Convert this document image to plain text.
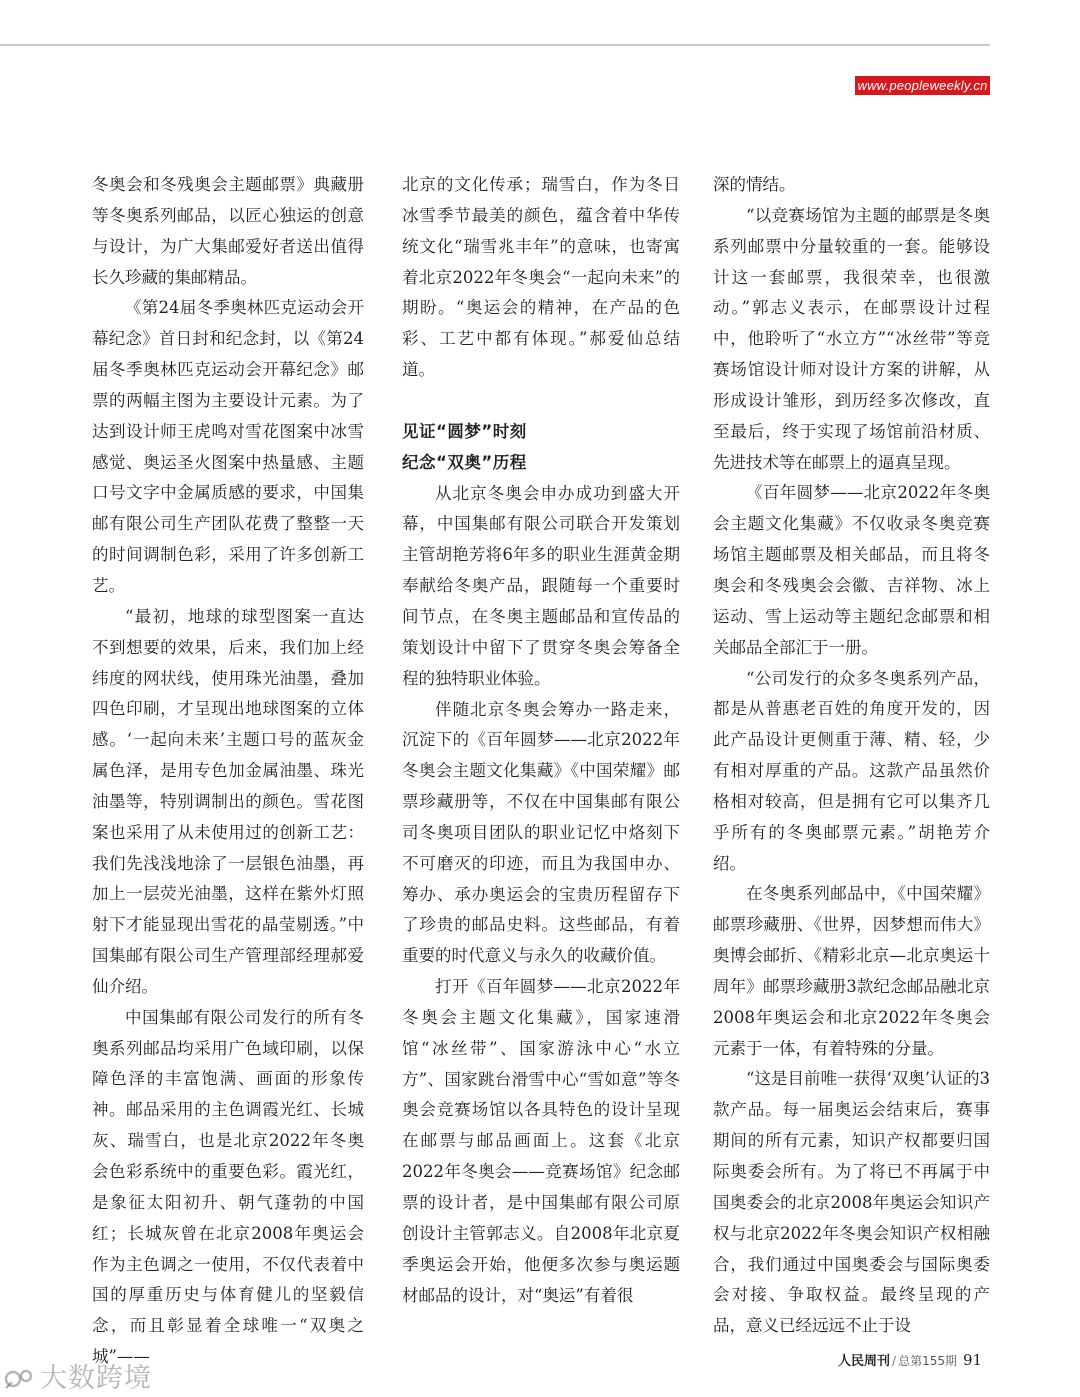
www.peopleweekly.cn

冬奥会和冬残奥会主题邮票》典藏册等冬奥系列邮品，以匠心独运的创意与设计，为广大集邮爱好者送出值得长久珍藏的集邮精品。

《第24届冬季奥林匹克运动会开幕纪念》首日封和纪念封，以《第24届冬季奥林匹克运动会开幕纪念》邮票的两幅主图为主要设计元素。为了达到设计师王虎鸣对雪花图案中冰雪感觉、奥运圣火图案中热量感、主题口号文字中金属质感的要求，中国集邮有限公司生产团队花费了整整一天的时间调制色彩，采用了许多创新工艺。

“最初，地球的球型图案一直达不到想要的效果，后来，我们加上经纬度的网状线，使用珠光油墨，叠加四色印刷，才呈现出地球图案的立体感。‘一起向未来’主题口号的蓝灰金属色泽，是用专色加金属油墨、珠光油墨等，特别调制出的颜色。雪花图案也采用了从未使用过的创新工艺：我们先浅浅地涂了一层银色油墨，再加上一层荧光油墨，这样在紫外灯照射下才能显现出雪花的晶莹剔透。”中国集邮有限公司生产管理部经理郝爱仙介绍。

中国集邮有限公司发行的所有冬奥系列邮品均采用广色域印刷，以保障色泽的丰富饱满、画面的形象传神。邮品采用的主色调霞光红、长城灰、瑞雪白，也是北京2022年冬奥会色彩系统中的重要色彩。霞光红，是象征太阳初升、朝气蓬勃的中国红；长城灰曾在北京2008年奥运会作为主色调之一使用，不仅代表着中国的厚重历史与体育健儿的坚毅信念，而且彰显着全球唯一“双奥之城”——

北京的文化传承；瑞雪白，作为冬日冰雪季节最美的颜色，蕴含着中华传统文化“瑞雪兆丰年”的意味，也寄寓着北京2022年冬奥会“一起向未来”的期盼。“奥运会的精神，在产品的色彩、工艺中都有体现。”郝爱仙总结道。

见证“圆梦”时刻
纪念“双奥”历程

从北京冬奥会申办成功到盛大开幕，中国集邮有限公司联合开发策划主管胡艳芳将6年多的职业生涯黄金期奉献给冬奥产品，跟随每一个重要时间节点，在冬奥主题邮品和宣传品的策划设计中留下了贯穿冬奥会筹备全程的独特职业体验。

伴随北京冬奥会筹办一路走来，沉淀下的《百年圆梦——北京2022年冬奥会主题文化集藏》《中国荣耀》邮票珍藏册等，不仅在中国集邮有限公司冬奥项目团队的职业记忆中烙刻下不可磨灭的印迹，而且为我国申办、筹办、承办奥运会的宝贵历程留存下了珍贵的邮品史料。这些邮品，有着重要的时代意义与永久的收藏价值。

打开《百年圆梦——北京2022年冬奥会主题文化集藏》，国家速滑馆“冰丝带”、国家游泳中心“水立方”、国家跳台滑雪中心“雪如意”等冬奥会竞赛场馆以各具特色的设计呈现在邮票与邮品画面上。这套《北京2022年冬奥会——竞赛场馆》纪念邮票的设计者，是中国集邮有限公司原创设计主管郭志义。自2008年北京夏季奥运会开始，他便多次参与奥运题材邮品的设计，对“奥运”有着很

深的情结。

“以竞赛场馆为主题的邮票是冬奥系列邮票中分量较重的一套。能够设计这一套邮票，我很荣幸，也很激动。”郭志义表示，在邮票设计过程中，他聆听了“水立方”“冰丝带”等竞赛场馆设计师对设计方案的讲解，从形成设计雏形，到历经多次修改，直至最后，终于实现了场馆前沿材质、先进技术等在邮票上的逼真呈现。

《百年圆梦——北京2022年冬奥会主题文化集藏》不仅收录冬奥竞赛场馆主题邮票及相关邮品，而且将冬奥会和冬残奥会会徽、吉祥物、冰上运动、雪上运动等主题纪念邮票和相关邮品全部汇于一册。

“公司发行的众多冬奥系列产品，都是从普惠老百姓的角度开发的，因此产品设计更侧重于薄、精、轻，少有相对厚重的产品。这款产品虽然价格相对较高，但是拥有它可以集齐几乎所有的冬奥邮票元素。”胡艳芳介绍。

在冬奥系列邮品中，《中国荣耀》邮票珍藏册、《世界，因梦想而伟大》奥博会邮折、《精彩北京—北京奥运十周年》邮票珍藏册3款纪念邮品融北京2008年奥运会和北京2022年冬奥会元素于一体，有着特殊的分量。

“这是目前唯一获得‘双奥’认证的3款产品。每一届奥运会结束后，赛事期间的所有元素，知识产权都要归国际奥委会所有。为了将已不再属于中国奥委会的北京2008年奥运会知识产权与北京2022年冬奥会知识产权相融合，我们通过中国奥委会与国际奥委会对接、争取权益。最终呈现的产品，意义已经远远不止于设

人民周刊 / 总第155期 91
大数跨境
